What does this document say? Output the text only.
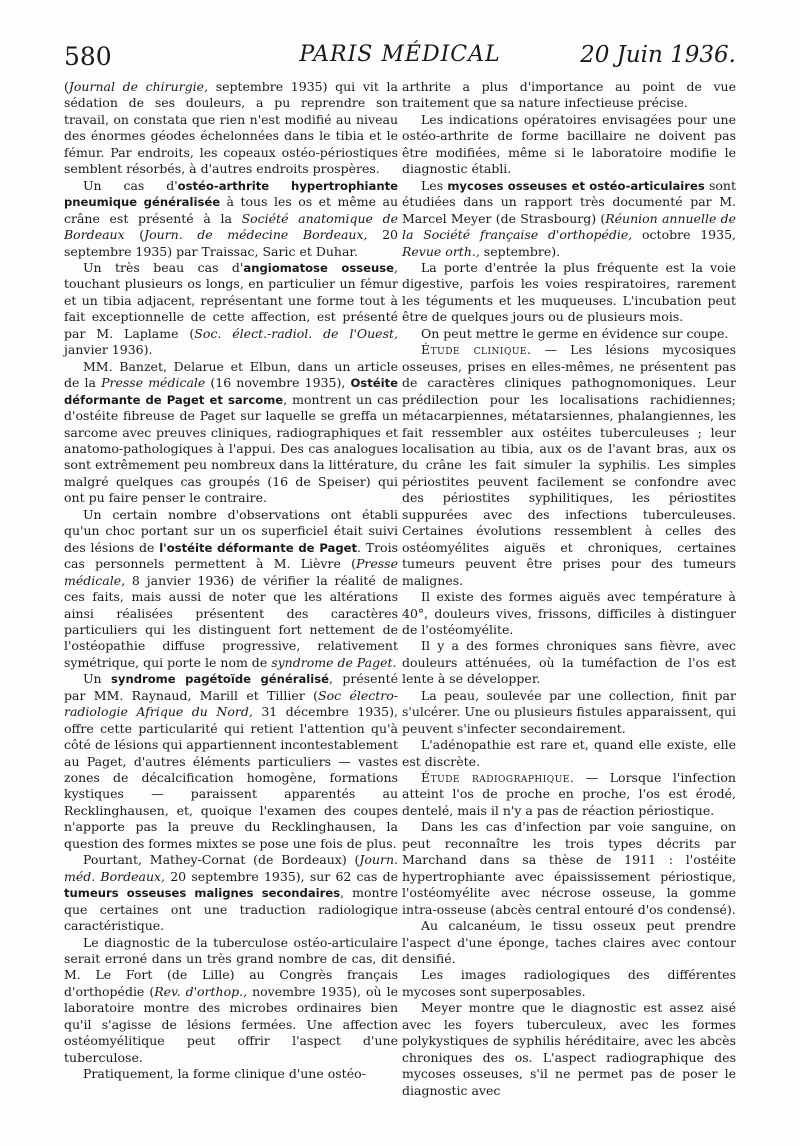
580	PARIS MÉDICAL	20 Juin 1936.

(Journal de chirurgie, septembre 1935) qui vit la sédation de ses douleurs, a pu reprendre son travail, on constata que rien n'est modifié au niveau des énormes géodes échelonnées dans le tibia et le fémur. Par endroits, les copeaux ostéo-périostiques semblent résorbés, à d'autres endroits prospères.

Un cas d'ostéo-arthrite hypertrophiante pneumique généralisée à tous les os et même au crâne est présenté à la Société anatomique de Bordeaux (Journ. de médecine Bordeaux, 20 septembre 1935) par Traissac, Saric et Duhar.

Un très beau cas d'angiomatose osseuse, touchant plusieurs os longs, en particulier un fémur et un tibia adjacent, représentant une forme tout à fait exceptionnelle de cette affection, est présenté par M. Laplame (Soc. élect.-radiol. de l'Ouest, janvier 1936).

MM. Banzet, Delarue et Elbun, dans un article de la Presse médicale (16 novembre 1935), Ostéite déformante de Paget et sarcome, montrent un cas d'ostéite fibreuse de Paget sur laquelle se greffa un sarcome avec preuves cliniques, radiographiques et anatomo-pathologiques à l'appui. Des cas analogues sont extrêmement peu nombreux dans la littérature, malgré quelques cas groupés (16 de Speiser) qui ont pu faire penser le contraire.

Un certain nombre d'observations ont établi qu'un choc portant sur un os superficiel était suivi des lésions de l'ostéite déformante de Paget. Trois cas personnels permettent à M. Lièvre (Presse médicale, 8 janvier 1936) de vérifier la réalité de ces faits, mais aussi de noter que les altérations ainsi réalisées présentent des caractères particuliers qui les distinguent fort nettement de l'ostéopathie diffuse progressive, relativement symétrique, qui porte le nom de syndrome de Paget.

Un syndrome pagétoïde généralisé, présenté par MM. Raynaud, Marill et Tillier (Soc électro-radiologie Afrique du Nord, 31 décembre 1935), offre cette particularité qui retient l'attention qu'à côté de lésions qui appartiennent incontestablement au Paget, d'autres éléments particuliers — vastes zones de décalcification homogène, formations kystiques — paraissent apparentés au Recklinghausen, et, quoique l'examen des coupes n'apporte pas la preuve du Recklinghausen, la question des formes mixtes se pose une fois de plus.

Pourtant, Mathey-Cornat (de Bordeaux) (Journ. méd. Bordeaux, 20 septembre 1935), sur 62 cas de tumeurs osseuses malignes secondaires, montre que certaines ont une traduction radiologique caractéristique.

Le diagnostic de la tuberculose ostéo-articulaire serait erroné dans un très grand nombre de cas, dit M. Le Fort (de Lille) au Congrès français d'orthopédie (Rev. d'orthop., novembre 1935), où le laboratoire montre des microbes ordinaires bien qu'il s'agisse de lésions fermées. Une affection ostéomyélitique peut offrir l'aspect d'une tuberculose.

Pratiquement, la forme clinique d'une ostéo-

arthrite a plus d'importance au point de vue traitement que sa nature infectieuse précise.

Les indications opératoires envisagées pour une ostéo-arthrite de forme bacillaire ne doivent pas être modifiées, même si le laboratoire modifie le diagnostic établi.

Les mycoses osseuses et ostéo-articulaires sont étudiées dans un rapport très documenté par M. Marcel Meyer (de Strasbourg) (Réunion annuelle de la Société française d'orthopédie, octobre 1935, Revue orth., septembre).

La porte d'entrée la plus fréquente est la voie digestive, parfois les voies respiratoires, rarement les téguments et les muqueuses. L'incubation peut être de quelques jours ou de plusieurs mois.

On peut mettre le germe en évidence sur coupe.

Étude clinique. — Les lésions mycosiques osseuses, prises en elles-mêmes, ne présentent pas de caractères cliniques pathognomoniques. Leur prédilection pour les localisations rachidiennes; métacarpiennes, métatarsiennes, phalangiennes, les fait ressembler aux ostéites tuberculeuses ; leur localisation au tibia, aux os de l'avant bras, aux os du crâne les fait simuler la syphilis. Les simples périostites peuvent facilement se confondre avec des périostites syphilitiques, les périostites suppurées avec des infections tuberculeuses. Certaines évolutions ressemblent à celles des ostéomyélites aiguës et chroniques, certaines tumeurs peuvent être prises pour des tumeurs malignes.

Il existe des formes aiguës avec température à 40°, douleurs vives, frissons, difficiles à distinguer de l'ostéomyélite.

Il y a des formes chroniques sans fièvre, avec douleurs atténuées, où la tuméfaction de l'os est lente à se développer.

La peau, soulevée par une collection, finit par s'ulcérer. Une ou plusieurs fistules apparaissent, qui peuvent s'infecter secondairement.

L'adénopathie est rare et, quand elle existe, elle est discrète.

Étude radiographique. — Lorsque l'infection atteint l'os de proche en proche, l'os est érodé, dentelé, mais il n'y a pas de réaction périostique.

Dans les cas d'infection par voie sanguine, on peut reconnaître les trois types décrits par Marchand dans sa thèse de 1911 : l'ostéite hypertrophiante avec épaississement périostique, l'ostéomyélite avec nécrose osseuse, la gomme intra-osseuse (abcès central entouré d'os condensé).

Au calcanéum, le tissu osseux peut prendre l'aspect d'une éponge, taches claires avec contour densifié.

Les images radiologiques des différentes mycoses sont superposables.

Meyer montre que le diagnostic est assez aisé avec les foyers tuberculeux, avec les formes polykystiques de syphilis héréditaire, avec les abcès chroniques des os. L'aspect radiographique des mycoses osseuses, s'il ne permet pas de poser le diagnostic avec
